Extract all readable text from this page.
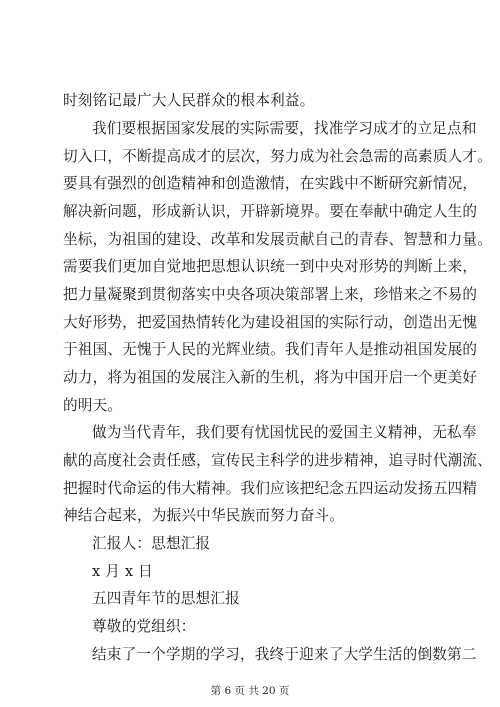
时刻铭记最广大人民群众的根本利益。
我们要根据国家发展的实际需要，找准学习成才的立足点和
切入口，不断提高成才的层次，努力成为社会急需的高素质人才。
要具有强烈的创造精神和创造激情，在实践中不断研究新情况，
解决新问题，形成新认识，开辟新境界。要在奉献中确定人生的
坐标，为祖国的建设、改革和发展贡献自己的青春、智慧和力量。
需要我们更加自觉地把思想认识统一到中央对形势的判断上来，
把力量凝聚到贯彻落实中央各项决策部署上来，珍惜来之不易的
大好形势，把爱国热情转化为建设祖国的实际行动，创造出无愧
于祖国、无愧于人民的光辉业绩。我们青年人是推动祖国发展的
动力，将为祖国的发展注入新的生机，将为中国开启一个更美好
的明天。
做为当代青年，我们要有忧国忧民的爱国主义精神，无私奉
献的高度社会责任感，宣传民主科学的进步精神，追寻时代潮流、
把握时代命运的伟大精神。我们应该把纪念五四运动发扬五四精
神结合起来，为振兴中华民族而努力奋斗。
汇报人：思想汇报
x 月 x 日
五四青年节的思想汇报
尊敬的党组织：
结束了一个学期的学习，我终于迎来了大学生活的倒数第二
第 6 页 共 20 页
